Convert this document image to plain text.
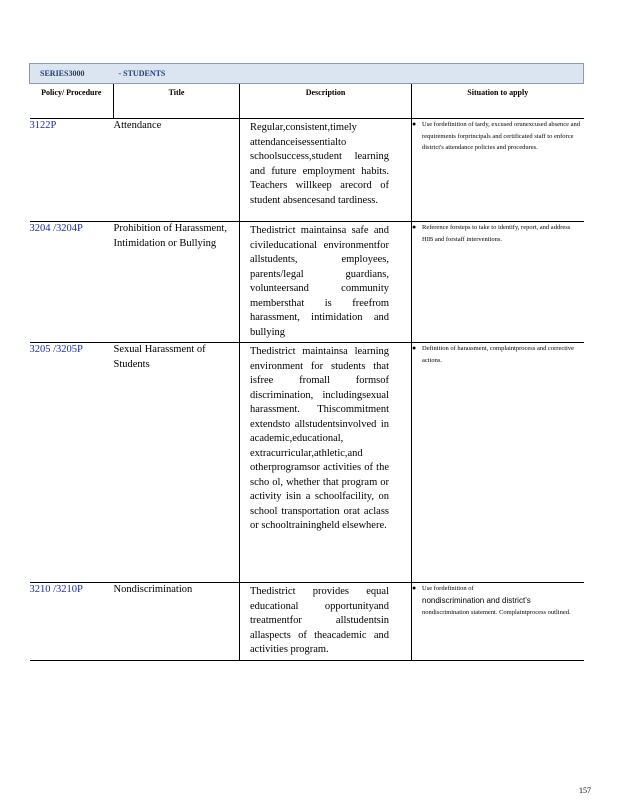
SERIES3000 - STUDENTS			
Policy/ Procedure	Title	Description	Situation to apply
3122P	Attendance	Regular,consistent,timely attendanceisessentialto schoolsuccess,student learning and future employment habits. Teachers willkeep arecord of student absencesand tardiness.	● Use fordefinition of tardy, excused orunexcused absence and requirements forprincipals and certificated staff to enforce district's attendance policies and procedures.

3204 /3204P	Prohibition of Harassment, Intimidation or Bullying	Thedistrict maintainsa safe and civileducational environmentfor allstudents, employees, parents/legal guardians, volunteersand community membersthat is freefrom harassment, intimidation and bullying	● Reference forsteps to take to identify, report, and address HIB and forstaff interventions.

3205 /3205P	Sexual Harassment of Students	Thedistrict maintainsa learning environment for students that isfree fromall formsof discrimination, includingsexual harassment. Thiscommitment extendsto allstudentsinvolved in academic,educational, extracurricular,athletic,and otherprogramsor activities of the scho ol, whether that program or activity isin a schoolfacility, on school transportation orat aclass or schooltrainingheld elsewhere.	● Definition of harassment, complaintprocess and corrective actions.

3210 /3210P	Nondiscrimination	Thedistrict provides equal educational opportunityand treatmentfor allstudentsin allaspects of theacademic and activities program.	● Use fordefinition of
nondiscrimination and district’s
nondiscrimination statement. Complaintprocess outlined.
157
